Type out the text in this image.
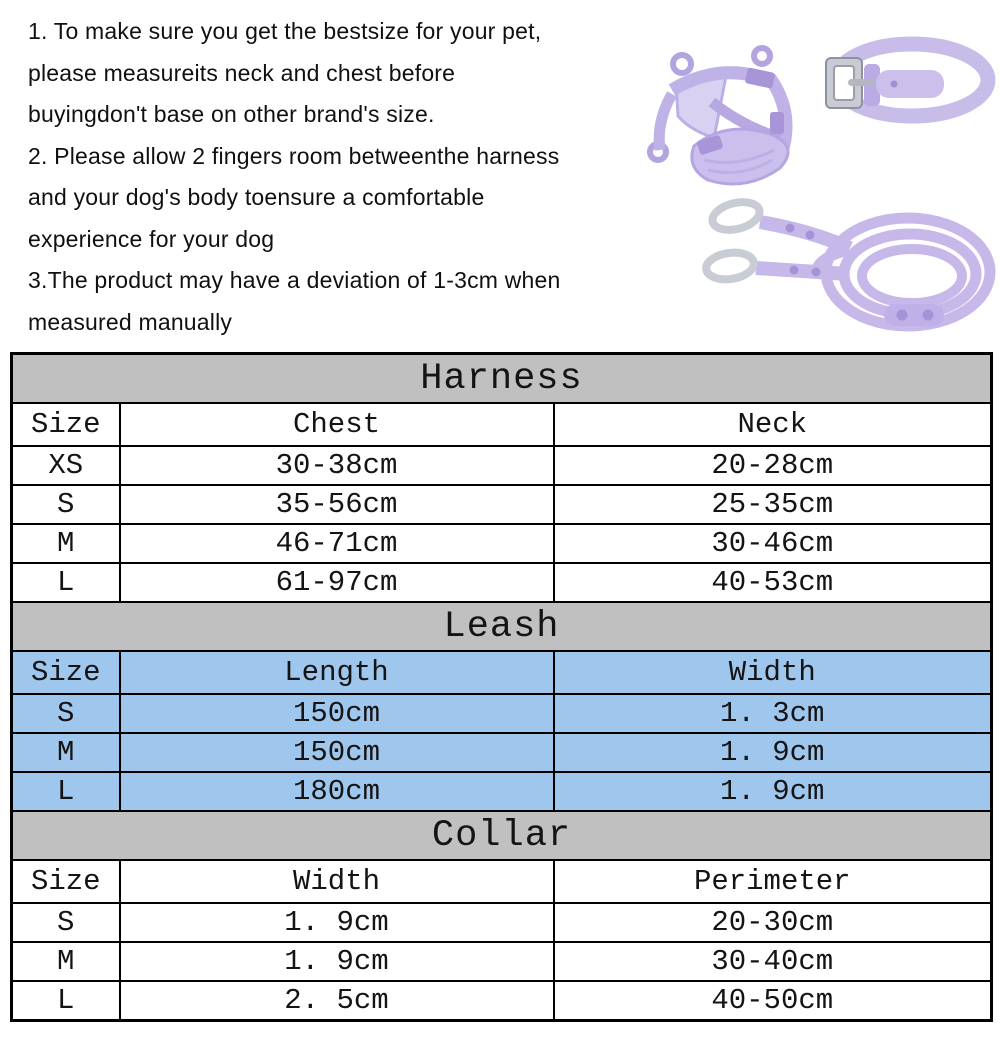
1. To make sure you get the bestsize for your pet,
please measureits neck and chest before
buyingdon't base on other brand's size.
2. Please allow 2 fingers room betweenthe harness
and your dog's body toensure a comfortable
experience for your dog
3.The product may have a deviation of 1-3cm when
measured manually
Harness		
Size	Chest	Neck
XS	30-38cm	20-28cm
S	35-56cm	25-35cm
M	46-71cm	30-46cm
L	61-97cm	40-53cm
Leash		
Size	Length	Width
S	150cm	1. 3cm
M	150cm	1. 9cm
L	180cm	1. 9cm
Collar		
Size	Width	Perimeter
S	1. 9cm	20-30cm
M	1. 9cm	30-40cm
L	2. 5cm	40-50cm
